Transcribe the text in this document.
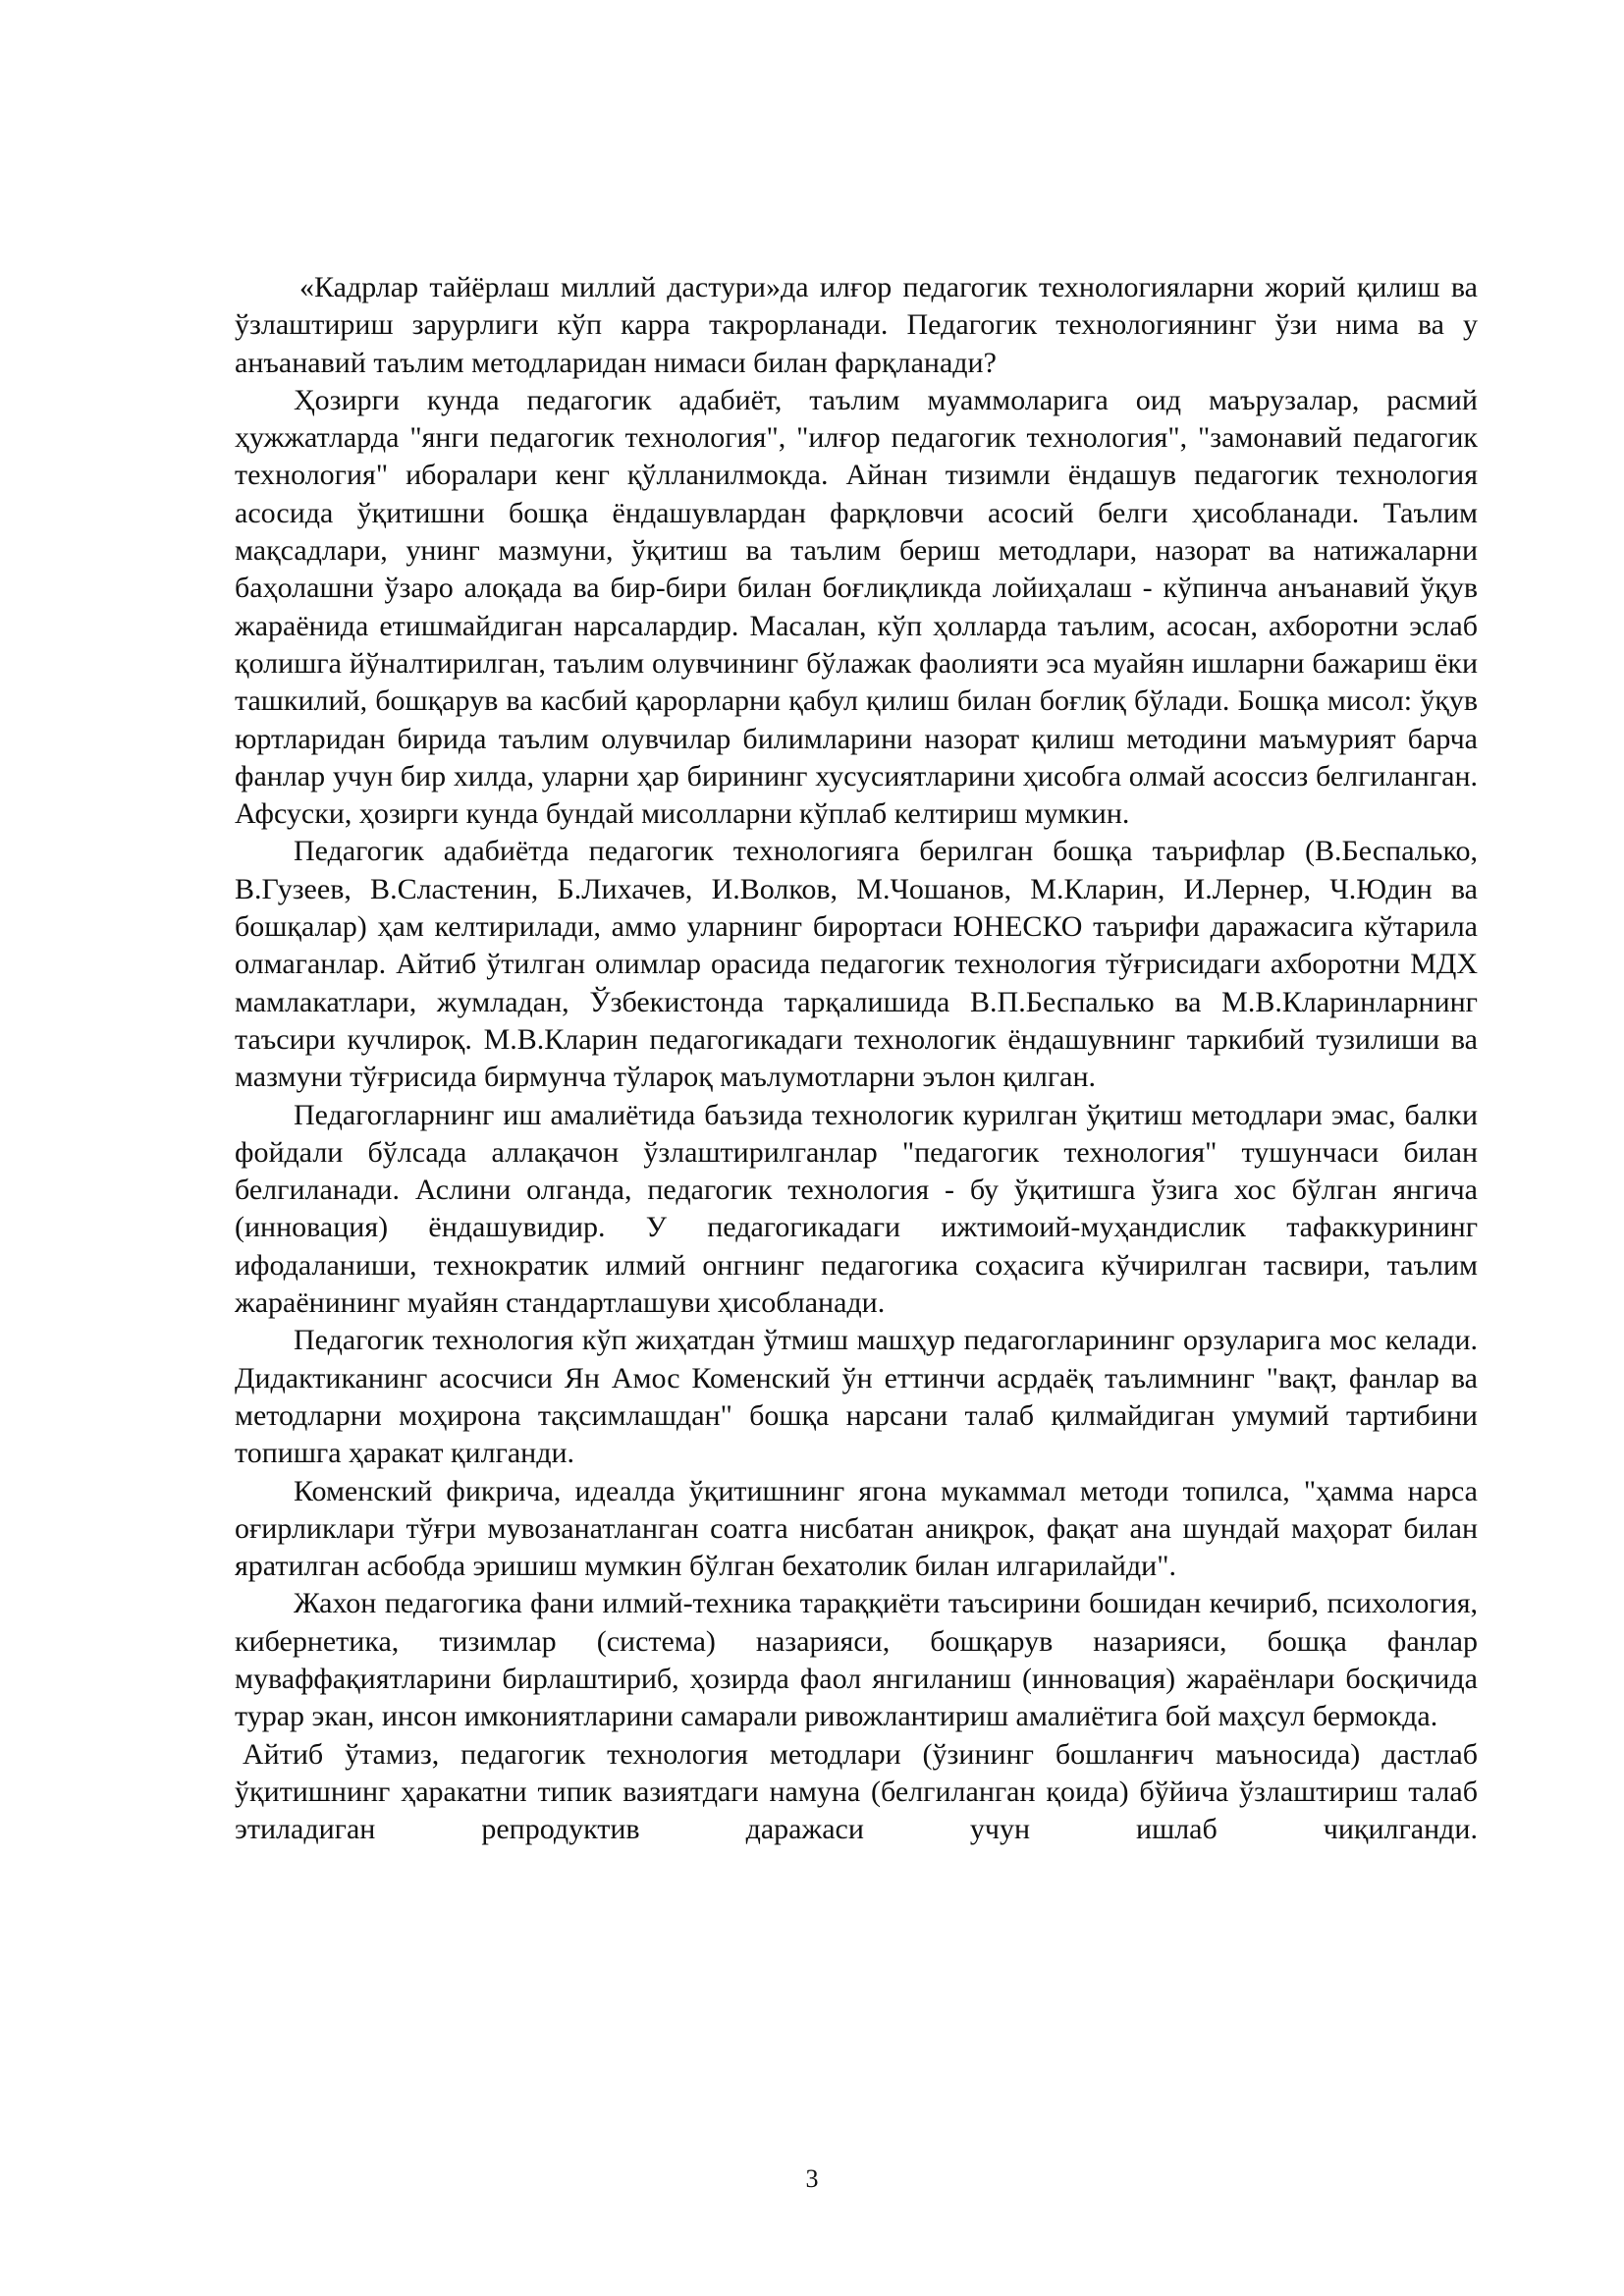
«Кадрлар тайёрлаш миллий дастури»да илғор педагогик технологияларни жорий қилиш ва ўзлаштириш зарурлиги кўп карра такрорланади. Педагогик технологиянинг ўзи нима ва у анъанавий таълим методларидан нимаси билан фарқланади?

Ҳозирги кунда педагогик адабиёт, таълим муаммоларига оид маърузалар, расмий ҳужжатларда "янги педагогик технология", "илғор педагогик технология", "замонавий педагогик технология" иборалари кенг қўлланилмокда. Айнан тизимли ёндашув педагогик технология асосида ўқитишни бошқа ёндашувлардан фарқловчи асосий белги ҳисобланади. Таълим мақсадлари, унинг мазмуни, ўқитиш ва таълим бериш методлари, назорат ва натижаларни баҳолашни ўзаро алоқада ва бир-бири билан боғлиқликда лойиҳалаш - кўпинча анъанавий ўқув жараёнида етишмайдиган нарсалардир. Масалан, кўп ҳолларда таълим, асосан, ахборотни эслаб қолишга йўналтирилган, таълим олувчининг бўлажак фаолияти эса муайян ишларни бажариш ёки ташкилий, бошқарув ва касбий қарорларни қабул қилиш билан боғлиқ бўлади. Бошқа мисол: ўқув юртларидан бирида таълим олувчилар билимларини назорат қилиш методини маъмурият барча фанлар учун бир хилда, уларни ҳар бирининг хусусиятларини ҳисобга олмай асоссиз белгиланган. Афсуски, ҳозирги кунда бундай мисолларни кўплаб келтириш мумкин.

Педагогик адабиётда педагогик технологияга берилган бошқа таърифлар (В.Беспалько, В.Гузеев, В.Сластенин, Б.Лихачев, И.Волков, М.Чошанов, М.Кларин, И.Лернер, Ч.Юдин ва бошқалар) ҳам келтирилади, аммо уларнинг бирортаси ЮНЕСКО таърифи даражасига кўтарила олмаганлар. Айтиб ўтилган олимлар орасида педагогик технология тўғрисидаги ахборотни МДХ мамлакатлари, жумладан, Ўзбекистонда тарқалишида В.П.Беспалько ва М.В.Кларинларнинг таъсири кучлироқ. М.В.Кларин педагогикадаги технологик ёндашувнинг таркибий тузилиши ва мазмуни тўғрисида бирмунча тўлароқ маълумотларни эълон қилган.

Педагогларнинг иш амалиётида баъзида технологик курилган ўқитиш методлари эмас, балки фойдали бўлсада аллақачон ўзлаштирилганлар "педагогик технология" тушунчаси билан белгиланади. Аслини олганда, педагогик технология - бу ўқитишга ўзига хос бўлган янгича (инновация) ёндашувидир. У педагогикадаги ижтимоий-муҳандислик тафаккурининг ифодаланиши, технократик илмий онгнинг педагогика соҳасига кўчирилган тасвири, таълим жараёнининг муайян стандартлашуви ҳисобланади.

Педагогик технология кўп жиҳатдан ўтмиш машҳур педагогларининг орзуларига мос келади. Дидактиканинг асосчиси Ян Амос Коменский ўн еттинчи асрдаёқ таълимнинг "вақт, фанлар ва методларни моҳирона тақсимлашдан" бошқа нарсани талаб қилмайдиган умумий тартибини топишга ҳаракат қилганди.

Коменский фикрича, идеалда ўқитишнинг ягона мукаммал методи топилса, "ҳамма нарса оғирликлари тўғри мувозанатланган соатга нисбатан аниқрок, фақат ана шундай маҳорат билан яратилган асбобда эришиш мумкин бўлган бехатолик билан илгарилайди".

Жахон педагогика фани илмий-техника тараққиёти таъсирини бошидан кечириб, психология, кибернетика, тизимлар (система) назарияси, бошқарув назарияси, бошқа фанлар муваффақиятларини бирлаштириб, ҳозирда фаол янгиланиш (инновация) жараёнлари босқичида турар экан, инсон имкониятларини самарали ривожлантириш амалиётига бой маҳсул бермокда.

Айтиб ўтамиз, педагогик технология методлари (ўзининг бошланғич маъносида) дастлаб ўқитишнинг ҳаракатни типик вазиятдаги намуна (белгиланган қоида) бўйича ўзлаштириш талаб этиладиган репродуктив даражаси учун ишлаб чиқилганди.

3
